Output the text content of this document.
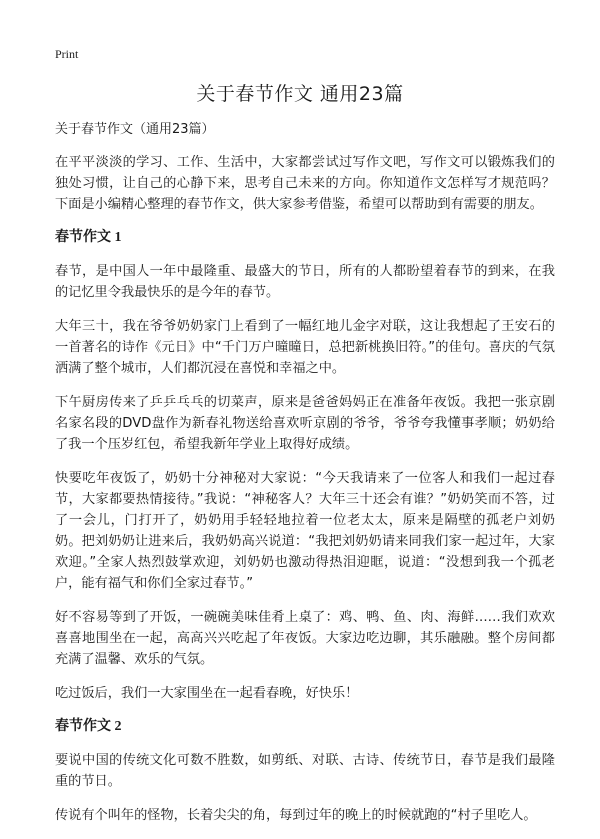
Print
关于春节作文 通用23篇

关于春节作文（通用23篇）

在平平淡淡的学习、工作、生活中，大家都尝试过写作文吧，写作文可以锻炼我们的独处习惯，让自己的心静下来，思考自己未来的方向。你知道作文怎样写才规范吗？下面是小编精心整理的春节作文，供大家参考借鉴，希望可以帮助到有需要的朋友。

春节作文 1

春节，是中国人一年中最隆重、最盛大的节日，所有的人都盼望着春节的到来，在我的记忆里令我最快乐的是今年的春节。

大年三十，我在爷爷奶奶家门上看到了一幅红地儿金字对联，这让我想起了王安石的一首著名的诗作《元日》中“千门万户曈曈日，总把新桃换旧符。”的佳句。喜庆的气氛洒满了整个城市，人们都沉浸在喜悦和幸福之中。

下午厨房传来了乒乒乓乓的切菜声，原来是爸爸妈妈正在准备年夜饭。我把一张京剧名家名段的DVD盘作为新春礼物送给喜欢听京剧的爷爷，爷爷夸我懂事孝顺；奶奶给了我一个压岁红包，希望我新年学业上取得好成绩。

快要吃年夜饭了，奶奶十分神秘对大家说：“今天我请来了一位客人和我们一起过春节，大家都要热情接待。”我说：“神秘客人？大年三十还会有谁？”奶奶笑而不答，过了一会儿，门打开了，奶奶用手轻轻地拉着一位老太太，原来是隔壁的孤老户刘奶奶。把刘奶奶让进来后，我奶奶高兴说道：“我把刘奶奶请来同我们家一起过年，大家欢迎。”全家人热烈鼓掌欢迎，刘奶奶也激动得热泪迎眶，说道：“没想到我一个孤老户，能有福气和你们全家过春节。”

好不容易等到了开饭，一碗碗美味佳肴上桌了：鸡、鸭、鱼、肉、海鲜……我们欢欢喜喜地围坐在一起，高高兴兴吃起了年夜饭。大家边吃边聊，其乐融融。整个房间都充满了温馨、欢乐的气氛。

吃过饭后，我们一大家围坐在一起看春晚，好快乐！

春节作文 2

要说中国的传统文化可数不胜数，如剪纸、对联、古诗、传统节日，春节是我们最隆重的节日。

传说有个叫年的怪物，长着尖尖的角，每到过年的晚上的时候就跑的“村子里吃人。
